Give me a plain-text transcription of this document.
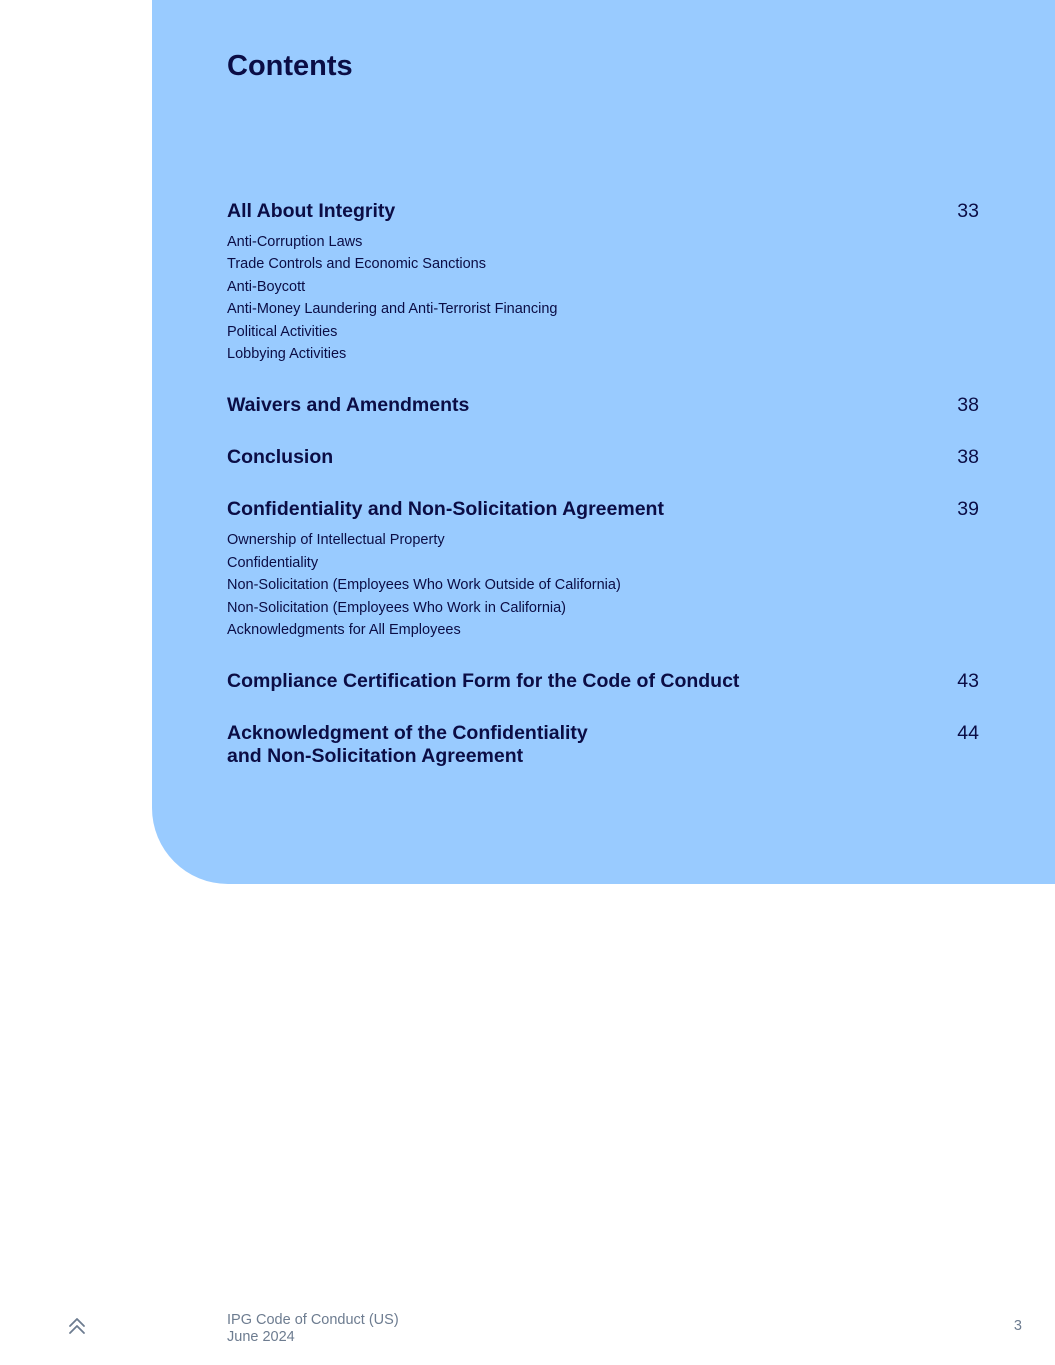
Contents
All About Integrity	33
Anti-Corruption Laws
Trade Controls and Economic Sanctions
Anti-Boycott
Anti-Money Laundering and Anti-Terrorist Financing
Political Activities
Lobbying Activities
Waivers and Amendments	38
Conclusion	38
Confidentiality and Non-Solicitation Agreement	39
Ownership of Intellectual Property
Confidentiality
Non-Solicitation (Employees Who Work Outside of California)
Non-Solicitation (Employees Who Work in California)
Acknowledgments for All Employees
Compliance Certification Form for the Code of Conduct	43
Acknowledgment of the Confidentiality
and Non-Solicitation Agreement
44
IPG Code of Conduct (US)
June 2024
3
